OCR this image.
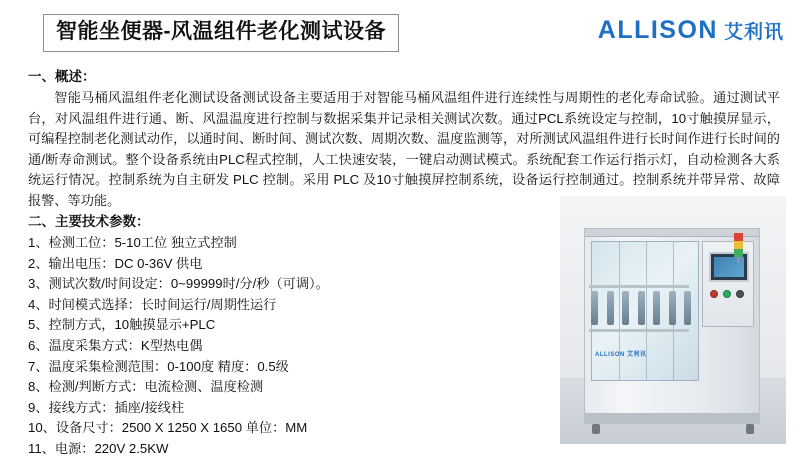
智能坐便器-风温组件老化测试设备	ALLISON 艾利讯
一、概述：

智能马桶风温组件老化测试设备测试设备主要适用于对智能马桶风温组件进行连续性与周期性的老化寿命试验。通过测试平台，对风温组件进行通、断、风温温度进行控制与数据采集并记录相关测试次数。通过PCL系统设定与控制，10寸触摸屏显示，可编程控制老化测试动作，以通时间、断时间、测试次数、周期次数、温度监测等，对所测试风温组件进行长时间作进行长时间的通/断寿命测试。整个设备系统由PLC程式控制，人工快速安装，一键启动测试模式。系统配套工作运行指示灯，自动检测各大系统运行情况。控制系统为自主研发 PLC 控制。采用 PLC 及10寸触摸屏控制系统，设备运行控制通过。控制系统并带异常、故障报警、等功能。

二、主要技术参数：
1、检测工位：5-10工位 独立式控制
2、输出电压：DC 0-36V 供电
3、测试次数/时间设定：0~99999时/分/秒（可调）。
4、时间模式选择：长时间运行/周期性运行
5、控制方式，10触摸显示+PLC
6、温度采集方式：K型热电偶
7、温度采集检测范围：0-100度 精度：0.5级
8、检测/判断方式：电流检测、温度检测
9、接线方式：插座/接线柱
10、设备尺寸：2500 X 1250 X 1650 单位：MM
11、电源：220V 2.5KW
ALLISON 艾利讯
